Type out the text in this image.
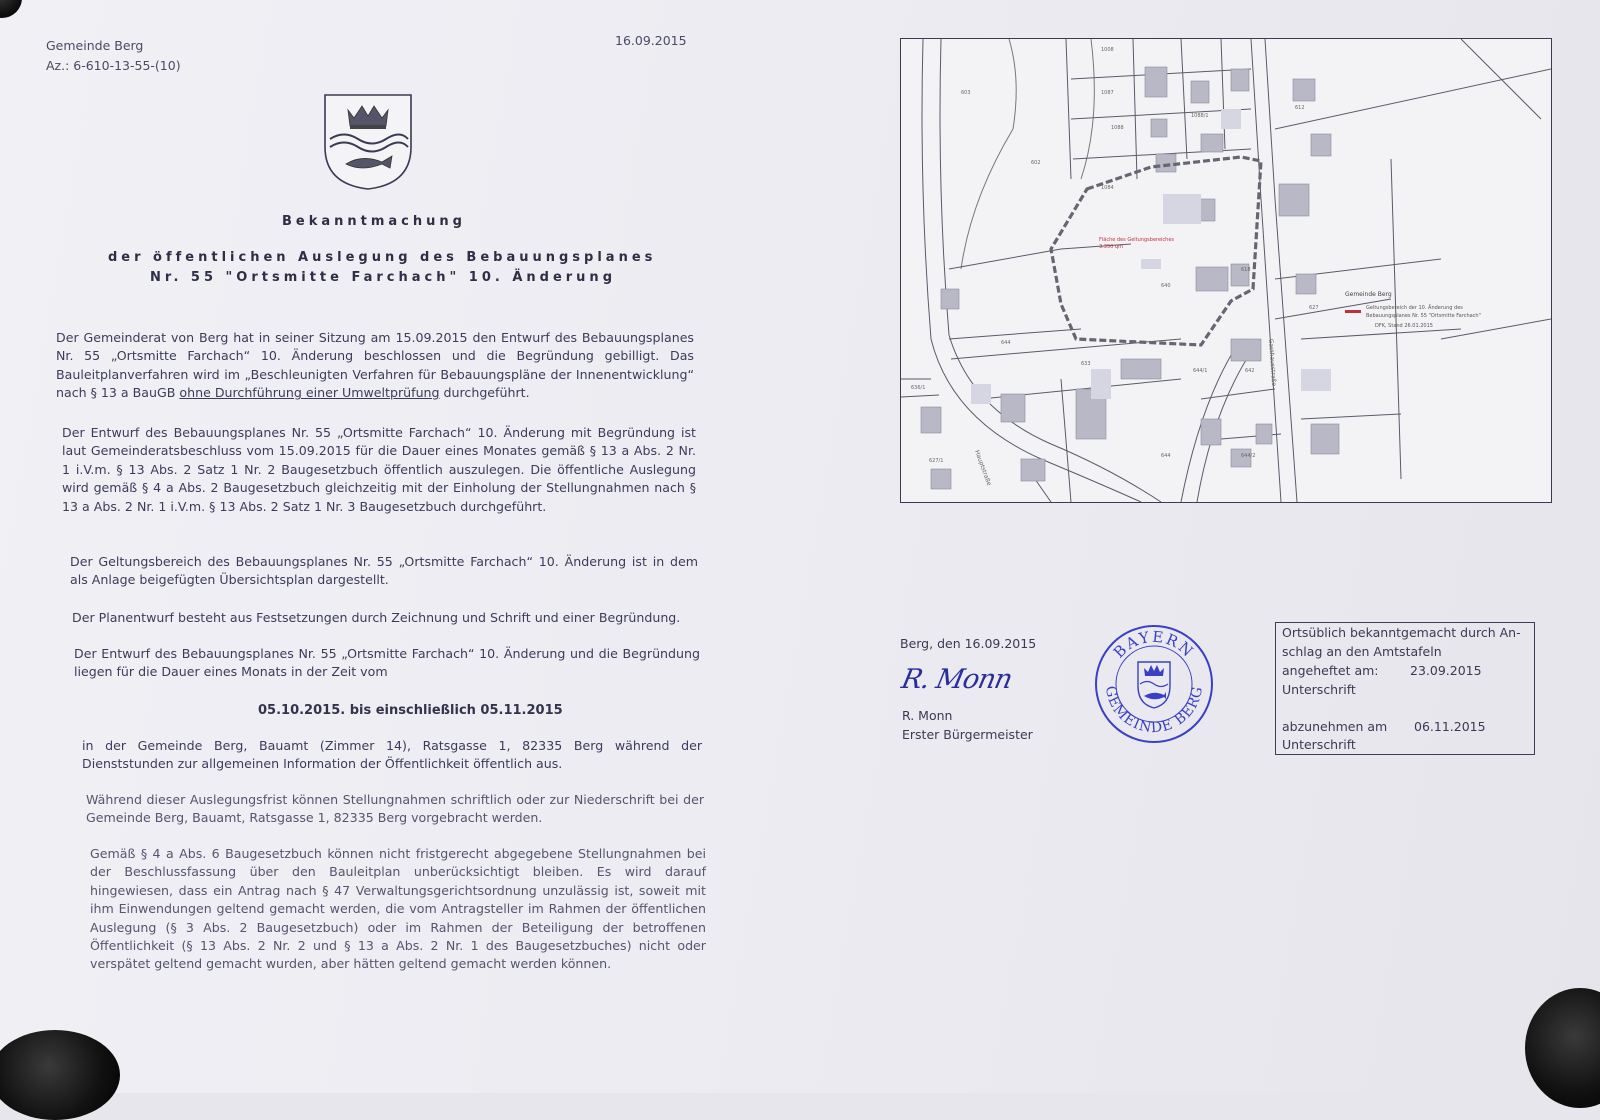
Gemeinde Berg

Az.: 6-610-13-55-(10)

16.09.2015

Bekanntmachung

der öffentlichen Auslegung des Bebauungsplanes

Nr. 55 "Ortsmitte Farchach" 10. Änderung

Der Gemeinderat von Berg hat in seiner Sitzung am 15.09.2015 den Entwurf des Bebauungsplanes Nr. 55 „Ortsmitte Farchach“ 10. Änderung beschlossen und die Begründung gebilligt. Das Bauleitplanverfahren wird im „Beschleunigten Verfahren für Bebauungspläne der Innenentwicklung“ nach § 13 a BauGB ohne Durchführung einer Umweltprüfung durchgeführt.

Der Entwurf des Bebauungsplanes Nr. 55 „Ortsmitte Farchach“ 10. Änderung mit Begründung ist laut Gemeinderatsbeschluss vom 15.09.2015 für die Dauer eines Monates gemäß § 13 a Abs. 2 Nr. 1 i.V.m. § 13 Abs. 2 Satz 1 Nr. 2 Baugesetzbuch öffentlich auszulegen. Die öffentliche Auslegung wird gemäß § 4 a Abs. 2 Baugesetzbuch gleichzeitig mit der Einholung der Stellungnahmen nach § 13 a Abs. 2 Nr. 1 i.V.m. § 13 Abs. 2 Satz 1 Nr. 3 Baugesetzbuch durchgeführt.

Der Geltungsbereich des Bebauungsplanes Nr. 55 „Ortsmitte Farchach“ 10. Änderung ist in dem als Anlage beigefügten Übersichtsplan dargestellt.

Der Planentwurf besteht aus Festsetzungen durch Zeichnung und Schrift und einer Begründung.

Der Entwurf des Bebauungsplanes Nr. 55 „Ortsmitte Farchach“ 10. Änderung und die Begründung liegen für die Dauer eines Monats in der Zeit vom

05.10.2015. bis einschließlich 05.11.2015

in der Gemeinde Berg, Bauamt (Zimmer 14), Ratsgasse 1, 82335 Berg während der Dienststunden zur allgemeinen Information der Öffentlichkeit öffentlich aus.

Während dieser Auslegungsfrist können Stellungnahmen schriftlich oder zur Niederschrift bei der Gemeinde Berg, Bauamt, Ratsgasse 1, 82335 Berg vorgebracht werden.

Gemäß § 4 a Abs. 6 Baugesetzbuch können nicht fristgerecht abgegebene Stellungnahmen bei der Beschlussfassung über den Bauleitplan unberücksichtigt bleiben. Es wird darauf hingewiesen, dass ein Antrag nach § 47 Verwaltungsgerichtsordnung unzulässig ist, soweit mit ihm Einwendungen geltend gemacht werden, die vom Antragsteller im Rahmen der öffentlichen Auslegung (§ 3 Abs. 2 Baugesetzbuch) oder im Rahmen der Beteiligung der betroffenen Öffentlichkeit (§ 13 Abs. 2 Nr. 2 und § 13 a Abs. 2 Nr. 1 des Baugesetzbuches) nicht oder verspätet geltend gemacht wurden, aber hätten geltend gemacht werden können.

1008
1087
1088
1088/1
603
602
612
1084
640
618
644
633
636/1
644/1	642
644	644/2
627/1
627
Hauptstraße
Gasthausstraße

Fläche des Geltungsbereiches
3.350 qm

Gemeinde Berg

Geltungsbereich der 10. Änderung des

Bebauungsplanes Nr. 55 "Ortsmitte Farchach"

DFK, Stand 26.01.2015

Berg, den 16.09.2015

R. Monn

R. Monn

Erster Bürgermeister

BAYERN
GEMEINDE BERG
Ortsüblich bekanntgemacht durch An-
schlag an den Amtstafeln
angeheftet am:	23.09.2015
Unterschrift
abzunehmen am 06.11.2015
Unterschrift
